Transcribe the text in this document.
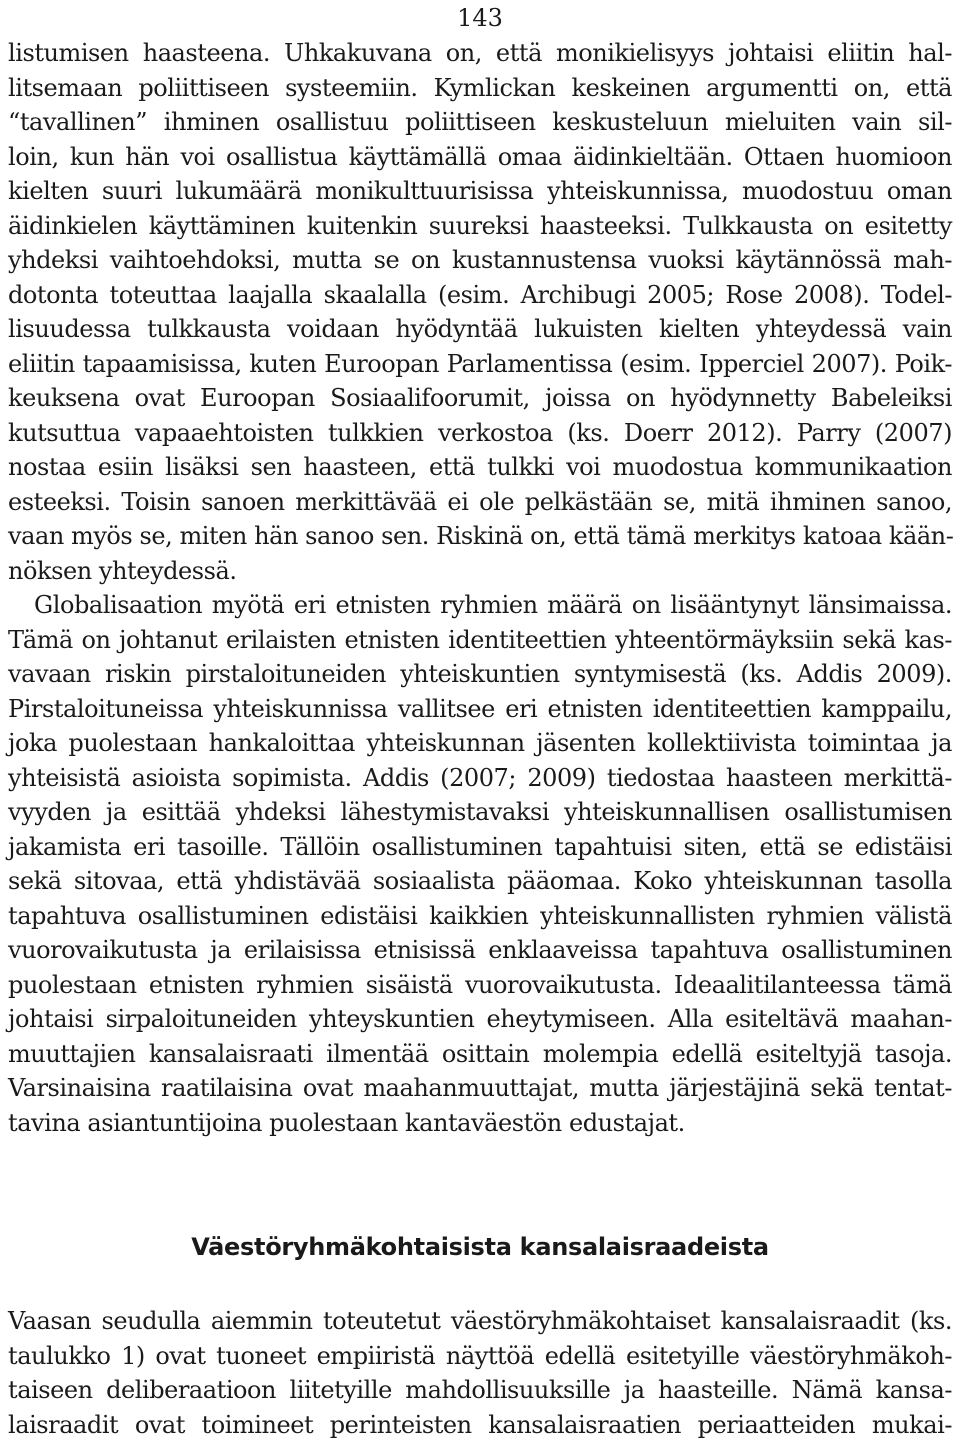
143
listumisen haasteena. Uhkakuvana on, että monikielisyys johtaisi eliitin hal-
litsemaan poliittiseen systeemiin. Kymlickan keskeinen argumentti on, että
“tavallinen” ihminen osallistuu poliittiseen keskusteluun mieluiten vain sil-
loin, kun hän voi osallistua käyttämällä omaa äidinkieltään. Ottaen huomioon
kielten suuri lukumäärä monikulttuurisissa yhteiskunnissa, muodostuu oman
äidinkielen käyttäminen kuitenkin suureksi haasteeksi. Tulkkausta on esitetty
yhdeksi vaihtoehdoksi, mutta se on kustannustensa vuoksi käytännössä mah-
dotonta toteuttaa laajalla skaalalla (esim. Archibugi 2005; Rose 2008). Todel-
lisuudessa tulkkausta voidaan hyödyntää lukuisten kielten yhteydessä vain
eliitin tapaamisissa, kuten Euroopan Parlamentissa (esim. Ipperciel 2007). Poik-
keuksena ovat Euroopan Sosiaalifoorumit, joissa on hyödynnetty Babeleiksi
kutsuttua vapaaehtoisten tulkkien verkostoa (ks. Doerr 2012). Parry (2007)
nostaa esiin lisäksi sen haasteen, että tulkki voi muodostua kommunikaation
esteeksi. Toisin sanoen merkittävää ei ole pelkästään se, mitä ihminen sanoo,
vaan myös se, miten hän sanoo sen. Riskinä on, että tämä merkitys katoaa kään-
nöksen yhteydessä.
Globalisaation myötä eri etnisten ryhmien määrä on lisääntynyt länsimaissa.
Tämä on johtanut erilaisten etnisten identiteettien yhteentörmäyksiin sekä kas-
vavaan riskin pirstaloituneiden yhteiskuntien syntymisestä (ks. Addis 2009).
Pirstaloituneissa yhteiskunnissa vallitsee eri etnisten identiteettien kamppailu,
joka puolestaan hankaloittaa yhteiskunnan jäsenten kollektiivista toimintaa ja
yhteisistä asioista sopimista. Addis (2007; 2009) tiedostaa haasteen merkittä-
vyyden ja esittää yhdeksi lähestymistavaksi yhteiskunnallisen osallistumisen
jakamista eri tasoille. Tällöin osallistuminen tapahtuisi siten, että se edistäisi
sekä sitovaa, että yhdistävää sosiaalista pääomaa. Koko yhteiskunnan tasolla
tapahtuva osallistuminen edistäisi kaikkien yhteiskunnallisten ryhmien välistä
vuorovaikutusta ja erilaisissa etnisissä enklaaveissa tapahtuva osallistuminen
puolestaan etnisten ryhmien sisäistä vuorovaikutusta. Ideaalitilanteessa tämä
johtaisi sirpaloituneiden yhteyskuntien eheytymiseen. Alla esiteltävä maahan-
muuttajien kansalaisraati ilmentää osittain molempia edellä esiteltyjä tasoja.
Varsinaisina raatilaisina ovat maahanmuuttajat, mutta järjestäjinä sekä tentat-
tavina asiantuntijoina puolestaan kantaväestön edustajat.
Väestöryhmäkohtaisista kansalaisraadeista
Vaasan seudulla aiemmin toteutetut väestöryhmäkohtaiset kansalaisraadit (ks.
taulukko 1) ovat tuoneet empiiristä näyttöä edellä esitetyille väestöryhmäkoh-
taiseen deliberaatioon liitetyille mahdollisuuksille ja haasteille. Nämä kansa-
laisraadit ovat toimineet perinteisten kansalaisraatien periaatteiden mukai-
